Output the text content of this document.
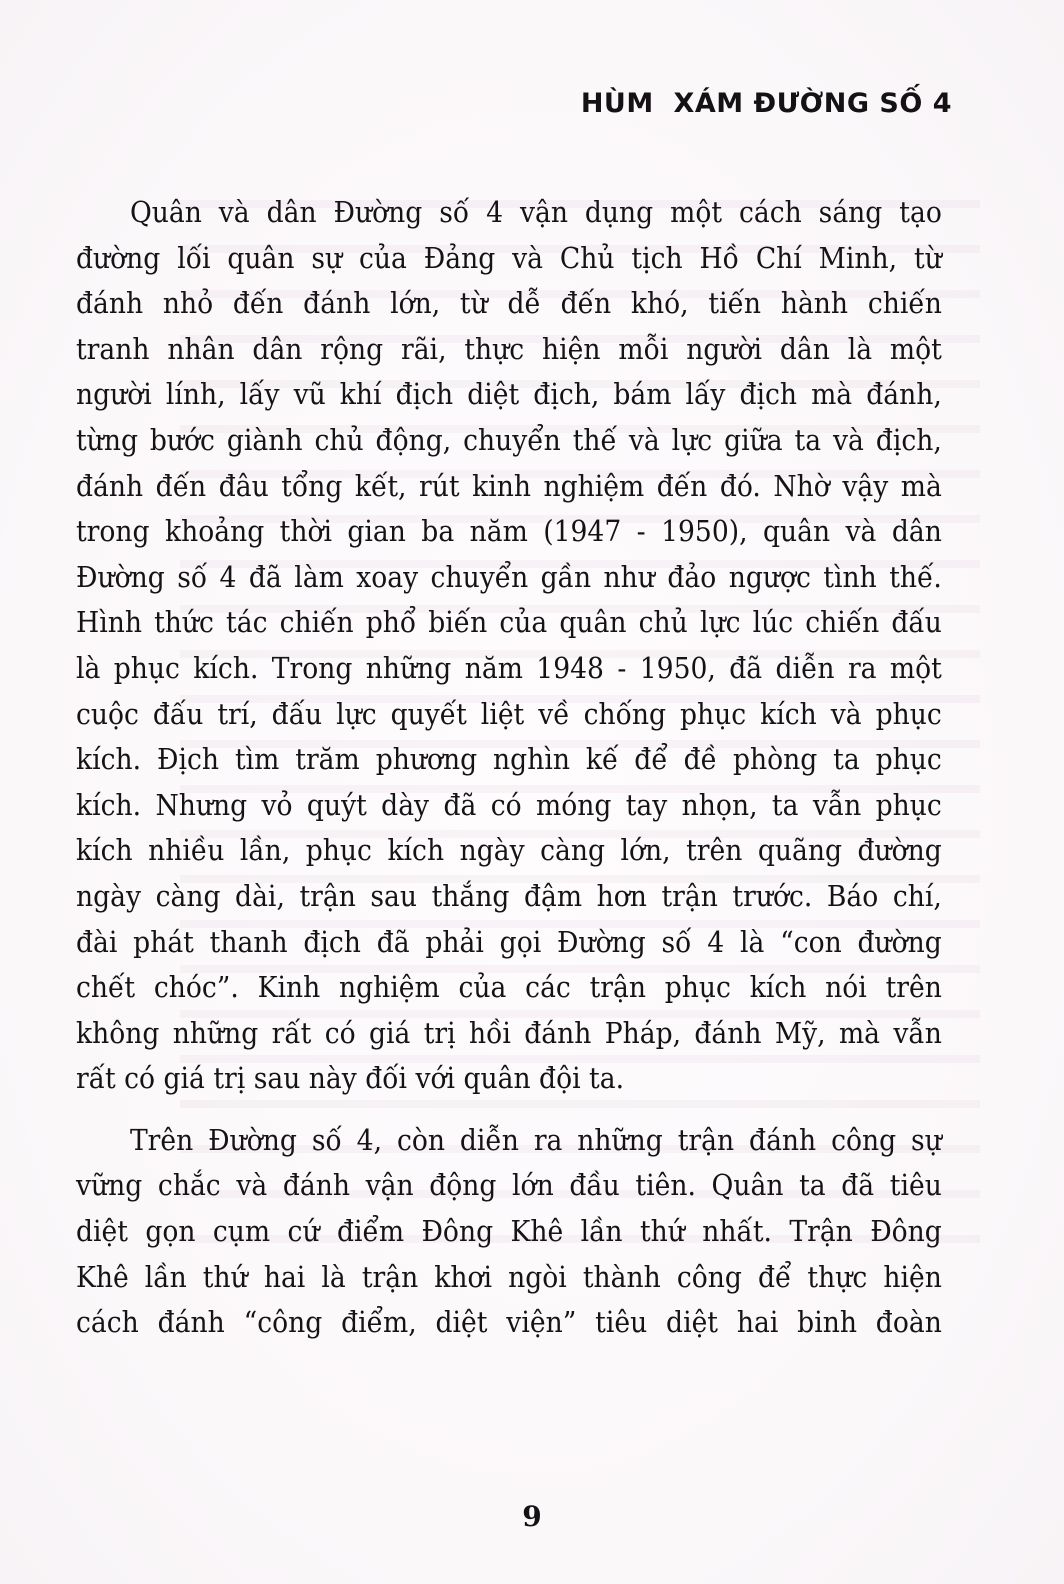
HÙM  XÁM ĐƯỜNG SỐ 4
Quân và dân Đường số 4 vận dụng một cách sáng tạo
đường lối quân sự của Đảng và Chủ tịch Hồ Chí Minh, từ
đánh nhỏ đến đánh lớn, từ dễ đến khó, tiến hành chiến
tranh nhân dân rộng rãi, thực hiện mỗi người dân là một
người lính, lấy vũ khí địch diệt địch, bám lấy địch mà đánh,
từng bước giành chủ động, chuyển thế và lực giữa ta và địch,
đánh đến đâu tổng kết, rút kinh nghiệm đến đó. Nhờ vậy mà
trong khoảng thời gian ba năm (1947 - 1950), quân và dân
Đường số 4 đã làm xoay chuyển gần như đảo ngược tình thế.
Hình thức tác chiến phổ biến của quân chủ lực lúc chiến đấu
là phục kích. Trong những năm 1948 - 1950, đã diễn ra một
cuộc đấu trí, đấu lực quyết liệt về chống phục kích và phục
kích. Địch tìm trăm phương nghìn kế để đề phòng ta phục
kích. Nhưng vỏ quýt dày đã có móng tay nhọn, ta vẫn phục
kích nhiều lần, phục kích ngày càng lớn, trên quãng đường
ngày càng dài, trận sau thắng đậm hơn trận trước. Báo chí,
đài phát thanh địch đã phải gọi Đường số 4 là “con đường
chết chóc”. Kinh nghiệm của các trận phục kích nói trên
không những rất có giá trị hồi đánh Pháp, đánh Mỹ, mà vẫn
rất có giá trị sau này đối với quân đội ta.
Trên Đường số 4, còn diễn ra những trận đánh công sự
vững chắc và đánh vận động lớn đầu tiên. Quân ta đã tiêu
diệt gọn cụm cứ điểm Đông Khê lần thứ nhất. Trận Đông
Khê lần thứ hai là trận khơi ngòi thành công để thực hiện
cách đánh “công điểm, diệt viện” tiêu diệt hai binh đoàn
9
